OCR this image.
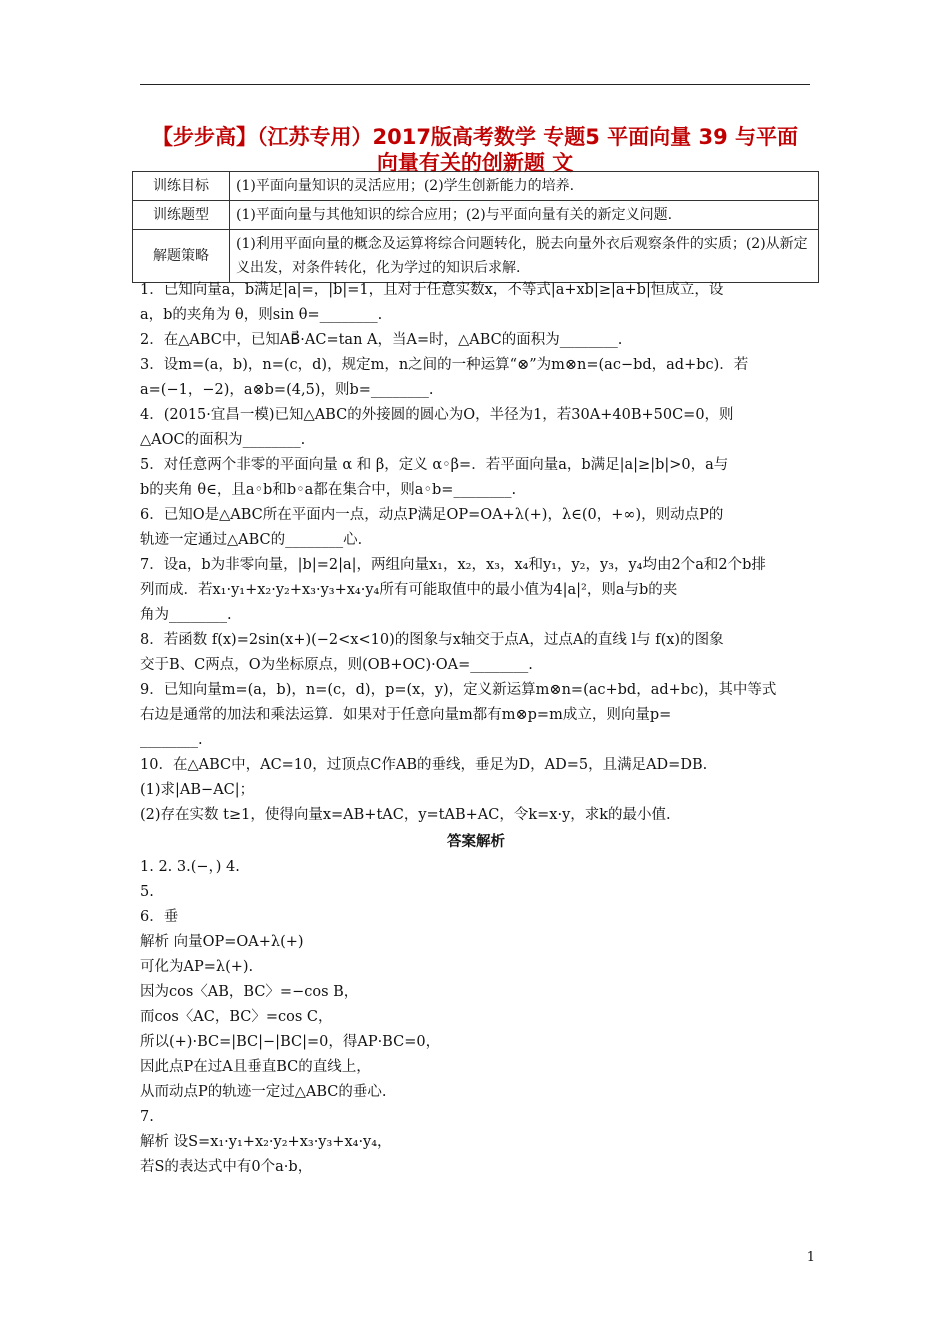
【步步高】（江苏专用）2017版高考数学 专题5 平面向量 39 与平面
向量有关的创新题 文
训练目标	(1)平面向量知识的灵活应用；(2)学生创新能力的培养.
训练题型	(1)平面向量与其他知识的综合应用；(2)与平面向量有关的新定义问题.
解题策略	(1)利用平面向量的概念及运算将综合问题转化，脱去向量外衣后观察条件的实质；(2)从新定义出发，对条件转化，化为学过的知识后求解.
1．已知向量a，b满足|a|=，|b|=1，且对于任意实数x，不等式|a+xb|≥|a+b|恒成立，设
a，b的夹角为 θ，则sin θ=________.
2．在△ABC中，已知AB⃗·AC=tan A，当A=时，△ABC的面积为________.
3．设m=(a，b)，n=(c，d)，规定m，n之间的一种运算“⊗”为m⊗n=(ac−bd，ad+bc)．若
a=(−1，−2)，a⊗b=(4,5)，则b=________.
4．(2015·宜昌一模)已知△ABC的外接圆的圆心为O，半径为1，若30A+40B+50C=0，则
△AOC的面积为________.
5．对任意两个非零的平面向量 α 和 β，定义 α◦β=．若平面向量a，b满足|a|≥|b|>0，a与
b的夹角 θ∈，且a◦b和b◦a都在集合中，则a◦b=________.
6．已知O是△ABC所在平面内一点，动点P满足OP=OA+λ(+)，λ∈(0，+∞)，则动点P的
轨迹一定通过△ABC的________心．
7．设a，b为非零向量，|b|=2|a|，两组向量x₁，x₂，x₃，x₄和y₁，y₂，y₃，y₄均由2个a和2个b排
列而成．若x₁·y₁+x₂·y₂+x₃·y₃+x₄·y₄所有可能取值中的最小值为4|a|²，则a与b的夹
角为________.
8．若函数 f(x)=2sin(x+)(−2<x<10)的图象与x轴交于点A，过点A的直线 l与 f(x)的图象
交于B、C两点，O为坐标原点，则(OB+OC)·OA=________.
9．已知向量m=(a，b)，n=(c，d)，p=(x，y)，定义新运算m⊗n=(ac+bd，ad+bc)，其中等式
右边是通常的加法和乘法运算．如果对于任意向量m都有m⊗p=m成立，则向量p=
________.
10．在△ABC中，AC=10，过顶点C作AB的垂线，垂足为D，AD=5，且满足AD=DB.
(1)求|AB−AC|；
(2)存在实数 t≥1，使得向量x=AB+tAC，y=tAB+AC，令k=x·y，求k的最小值.
答案解析
1. 2. 3.(−，) 4.
5.
6．垂
解析 向量OP=OA+λ(+)
可化为AP=λ(+).
因为cos〈AB，BC〉=−cos B，
而cos〈AC，BC〉=cos C，
所以(+)·BC=|BC|−|BC|=0，得AP·BC=0，
因此点P在过A且垂直BC的直线上，
从而动点P的轨迹一定过△ABC的垂心.
7.
解析 设S=x₁·y₁+x₂·y₂+x₃·y₃+x₄·y₄，
若S的表达式中有0个a·b，
1
